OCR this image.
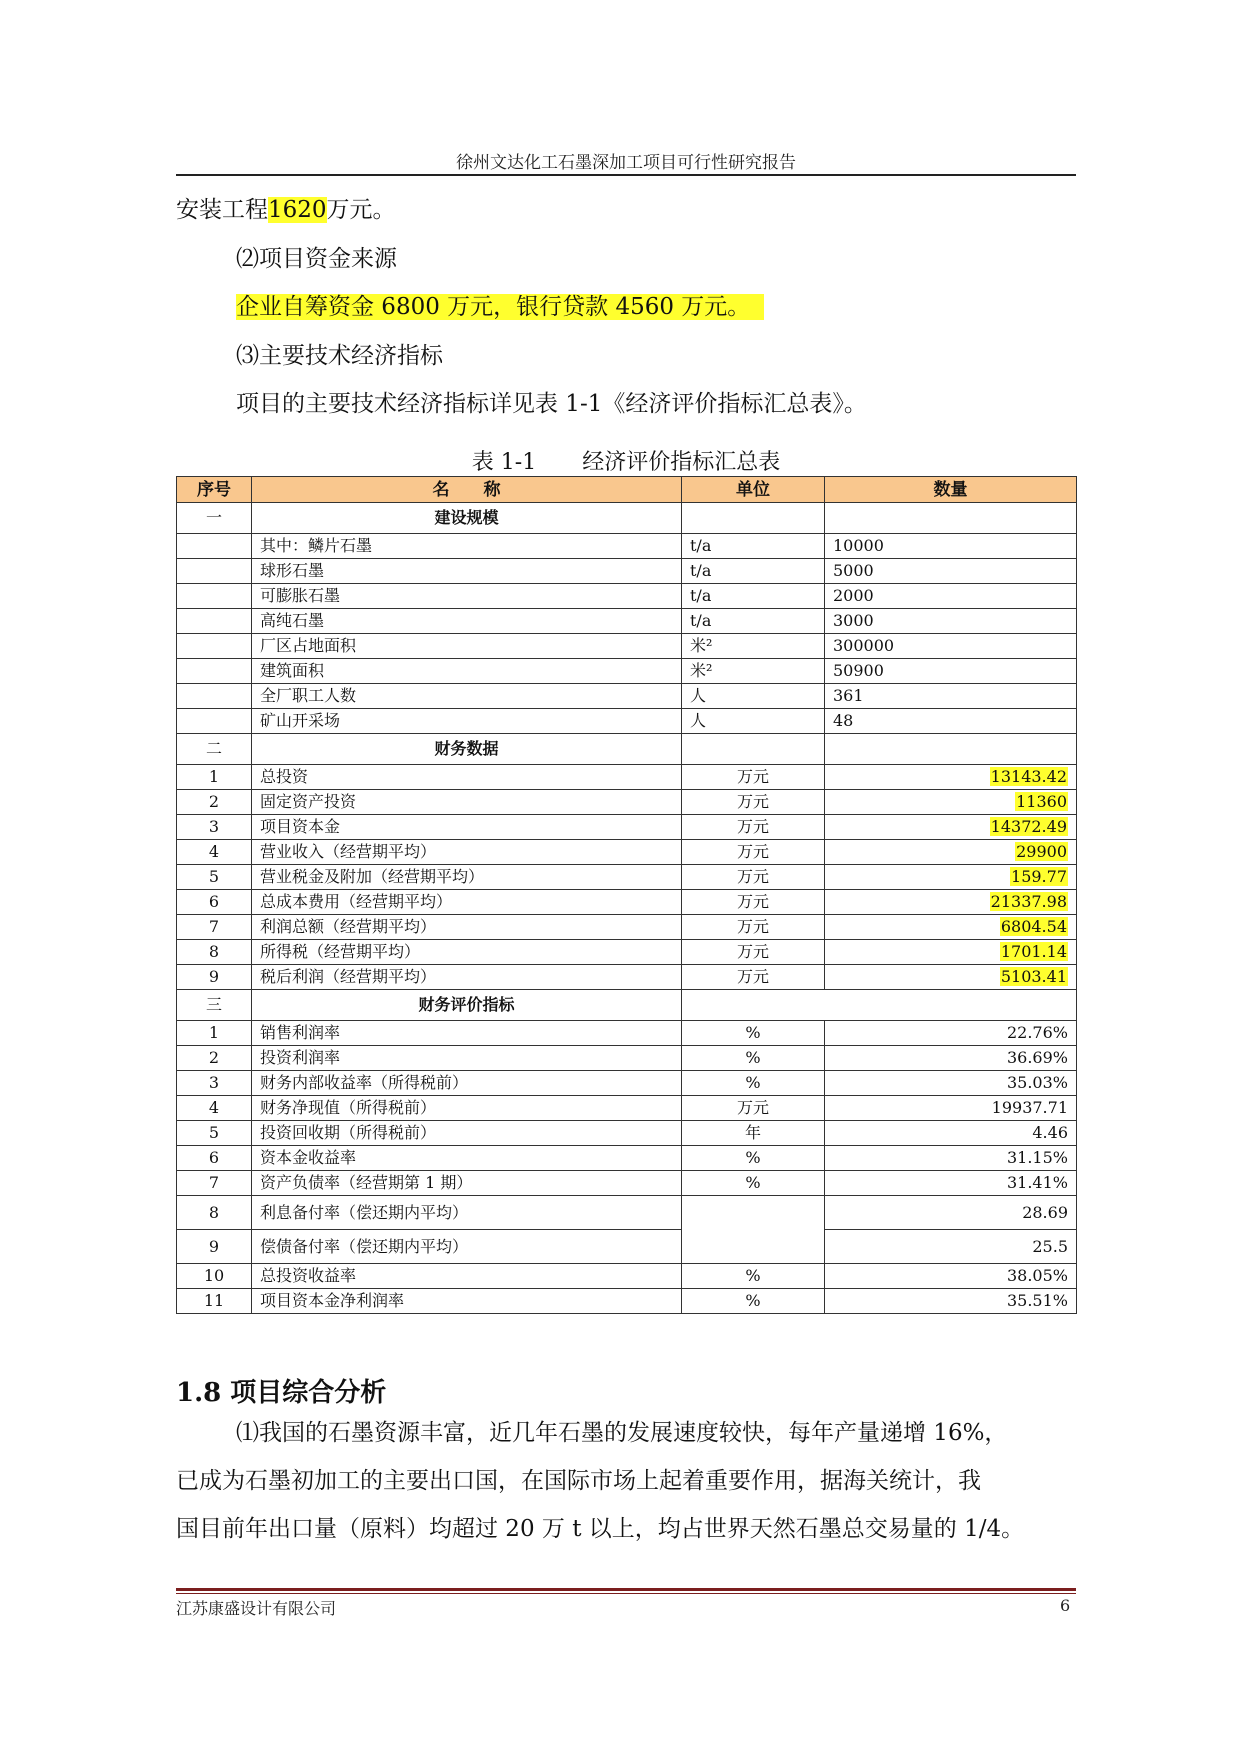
徐州文达化工石墨深加工项目可行性研究报告
安装工程1620万元。
⑵项目资金来源
企业自筹资金 6800 万元，银行贷款 4560 万元。
⑶主要技术经济指标
项目的主要技术经济指标详见表 1-1《经济评价指标汇总表》。
表 1-1 经济评价指标汇总表
序号	名　　称	单位	数量
一	建设规模		
	其中：鳞片石墨	t/a	10000
	球形石墨	t/a	5000
	可膨胀石墨	t/a	2000
	高纯石墨	t/a	3000
	厂区占地面积	米²	300000
	建筑面积	米²	50900
	全厂职工人数	人	361
	矿山开采场	人	48
二	财务数据		
1	总投资	万元	13143.42
2	固定资产投资	万元	11360
3	项目资本金	万元	14372.49
4	营业收入（经营期平均）	万元	29900
5	营业税金及附加（经营期平均）	万元	159.77
6	总成本费用（经营期平均）	万元	21337.98
7	利润总额（经营期平均）	万元	6804.54
8	所得税（经营期平均）	万元	1701.14
9	税后利润（经营期平均）	万元	5103.41
三	财务评价指标		
1	销售利润率	%	22.76%
2	投资利润率	%	36.69%
3	财务内部收益率（所得税前）	%	35.03%
4	财务净现值（所得税前）	万元	19937.71
5	投资回收期（所得税前）	年	4.46
6	资本金收益率	%	31.15%
7	资产负债率（经营期第 1 期）	%	31.41%
8	利息备付率（偿还期内平均）		28.69
9	偿债备付率（偿还期内平均）		25.5
10	总投资收益率	%	38.05%
11	项目资本金净利润率	%	35.51%
1.8 项目综合分析
⑴我国的石墨资源丰富，近几年石墨的发展速度较快，每年产量递增 16%，
已成为石墨初加工的主要出口国，在国际市场上起着重要作用，据海关统计，我
国目前年出口量（原料）均超过 20 万 t 以上，均占世界天然石墨总交易量的 1/4。
江苏康盛设计有限公司	6
